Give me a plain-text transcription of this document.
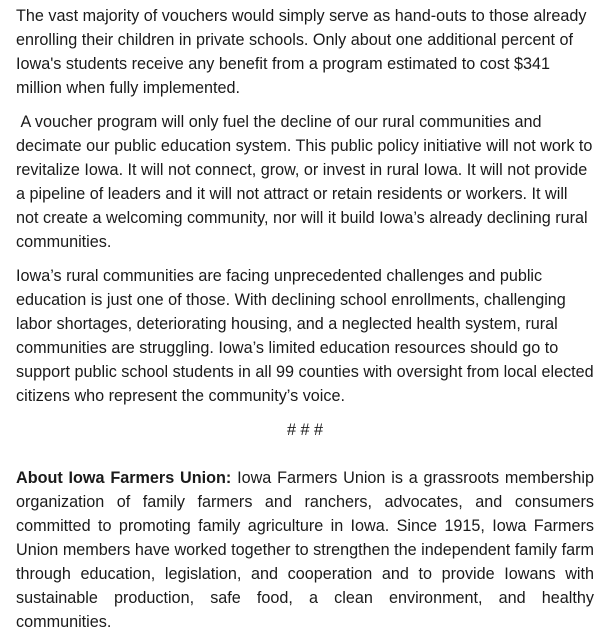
The vast majority of vouchers would simply serve as hand-outs to those already enrolling their children in private schools. Only about one additional percent of Iowa's students receive any benefit from a program estimated to cost $341 million when fully implemented.

A voucher program will only fuel the decline of our rural communities and decimate our public education system. This public policy initiative will not work to revitalize Iowa. It will not connect, grow, or invest in rural Iowa. It will not provide a pipeline of leaders and it will not attract or retain residents or workers. It will not create a welcoming community, nor will it build Iowa’s already declining rural communities.

Iowa’s rural communities are facing unprecedented challenges and public education is just one of those. With declining school enrollments, challenging labor shortages, deteriorating housing, and a neglected health system, rural communities are struggling. Iowa’s limited education resources should go to support public school students in all 99 counties with oversight from local elected citizens who represent the community’s voice.

# # #

About Iowa Farmers Union: Iowa Farmers Union is a grassroots membership organization of family farmers and ranchers, advocates, and consumers committed to promoting family agriculture in Iowa. Since 1915, Iowa Farmers Union members have worked together to strengthen the independent family farm through education, legislation, and cooperation and to provide Iowans with sustainable production, safe food, a clean environment, and healthy communities.
